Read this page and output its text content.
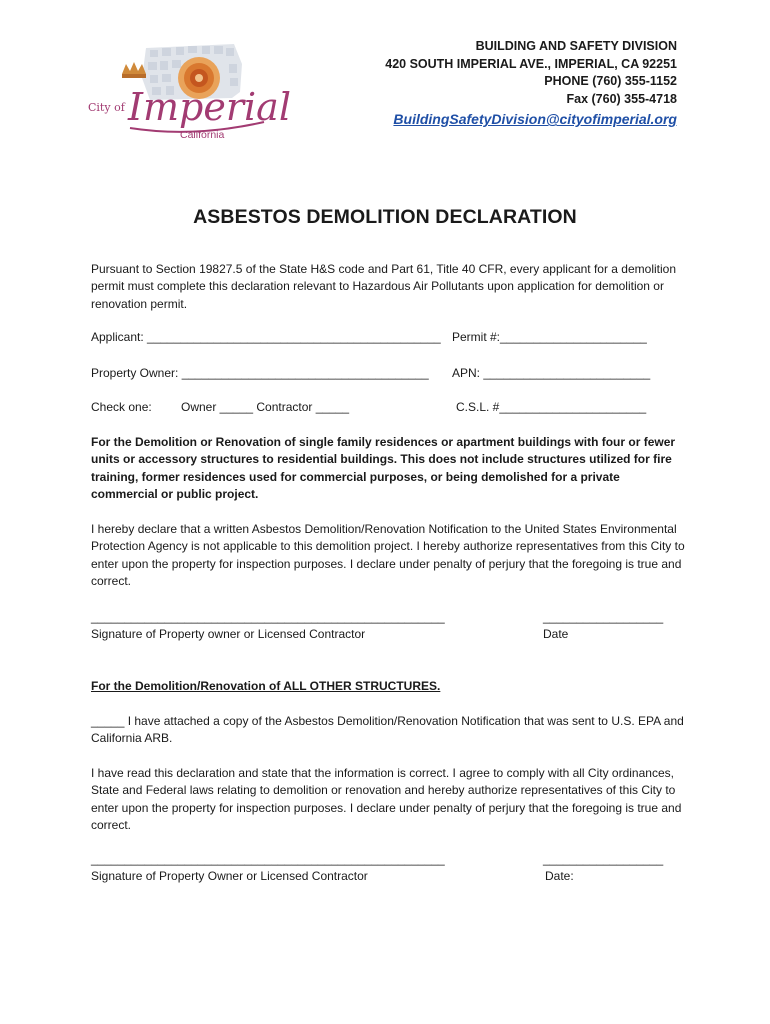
City of Imperial
California
BUILDING AND SAFETY DIVISION
420 SOUTH IMPERIAL AVE., IMPERIAL, CA 92251
PHONE (760) 355-1152
Fax (760) 355-4718
BuildingSafetyDivision@cityofimperial.org
ASBESTOS DEMOLITION DECLARATION
Pursuant to Section 19827.5 of the State H&S code and Part 61, Title 40 CFR, every applicant for a demolition permit must complete this declaration relevant to Hazardous Air Pollutants upon application for demolition or renovation permit.
Applicant: ____________________________________________ Permit #:______________________
Property Owner: _____________________________________ APN: _________________________
Check one: Owner _____ Contractor _____	C.S.L. #______________________
For the Demolition or Renovation of single family residences or apartment buildings with four or fewer units or accessory structures to residential buildings. This does not include structures utilized for fire training, former residences used for commercial purposes, or being demolished for a private commercial or public project.
I hereby declare that a written Asbestos Demolition/Renovation Notification to the United States Environmental Protection Agency is not applicable to this demolition project. I hereby authorize representatives from this City to enter upon the property for inspection purposes. I declare under penalty of perjury that the foregoing is true and correct.
_____________________________________________________
Signature of Property owner or Licensed Contractor
__________________
Date
For the Demolition/Renovation of ALL OTHER STRUCTURES.
_____ I have attached a copy of the Asbestos Demolition/Renovation Notification that was sent to U.S. EPA and California ARB.
I have read this declaration and state that the information is correct. I agree to comply with all City ordinances, State and Federal laws relating to demolition or renovation and hereby authorize representatives of this City to enter upon the property for inspection purposes. I declare under penalty of perjury that the foregoing is true and correct.
_____________________________________________________
Signature of Property Owner or Licensed Contractor
__________________
Date:
